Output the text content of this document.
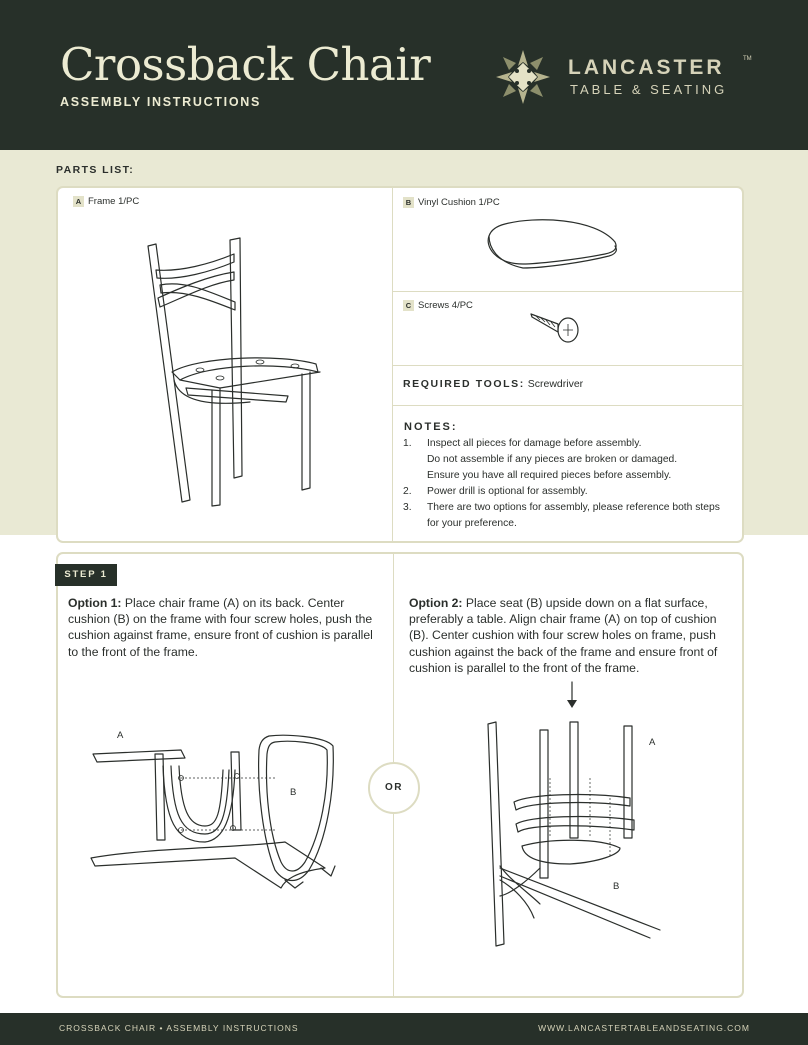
Crossback Chair
ASSEMBLY INSTRUCTIONS
LANCASTER	TM
TABLE & SEATING
PARTS LIST:
A Frame 1/PC	B Vinyl Cushion 1/PC
C Screws 4/PC
REQUIRED TOOLS: Screwdriver
NOTES:
1.	Inspect all pieces for damage before assembly.
Do not assemble if any pieces are broken or damaged.
Ensure you have all required pieces before assembly.
2.	Power drill is optional for assembly.
3.	There are two options for assembly, please reference both steps for your preference.
STEP 1
Option 1: Place chair frame (A) on its back. Center cushion (B) on the frame with four screw holes, push the cushion against frame, ensure front of cushion is parallel to the front of the frame.
Option 2: Place seat (B) upside down on a flat surface, preferably a table. Align chair frame (A) on top of cushion (B). Center cushion with four screw holes on frame, push cushion against the back of the frame and ensure front of cushion is parallel to the front of the frame.
OR
A
B
A
B
CROSSBACK CHAIR • ASSEMBLY INSTRUCTIONS	WWW.LANCASTERTABLEANDSEATING.COM
